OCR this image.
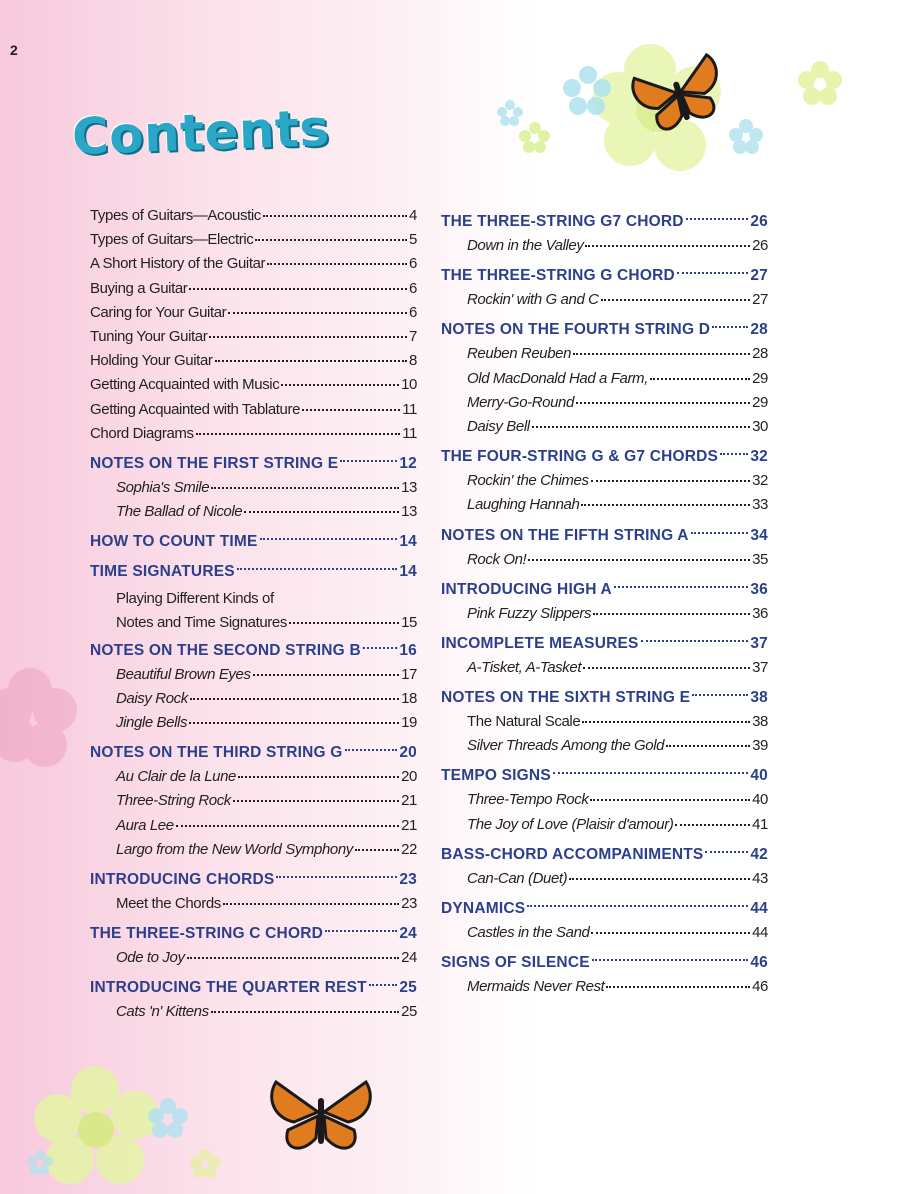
2
Contents
Types of Guitars—Acoustic	4
Types of Guitars—Electric	5
A Short History of the Guitar	6
Buying a Guitar	6
Caring for Your Guitar	6
Tuning Your Guitar	7
Holding Your Guitar	8
Getting Acquainted with Music	10
Getting Acquainted with Tablature	11
Chord Diagrams	11
NOTES ON THE FIRST STRING E	12
Sophia's Smile	13
The Ballad of Nicole	13
HOW TO COUNT TIME	14
TIME SIGNATURES	14
Playing Different Kinds of
Notes and Time Signatures	15
NOTES ON THE SECOND STRING B 16
Beautiful Brown Eyes	17
Daisy Rock	18
Jingle Bells	19
NOTES ON THE THIRD STRING G	20
Au Clair de la Lune	20
Three-String Rock	21
Aura Lee	21
Largo from the New World Symphony	22
INTRODUCING CHORDS	23
Meet the Chords	23
THE THREE-STRING C CHORD	24
Ode to Joy	24
INTRODUCING THE QUARTER REST 25
Cats 'n' Kittens	25
THE THREE-STRING G7 CHORD	26
Down in the Valley	26
THE THREE-STRING G CHORD	27
Rockin' with G and C	27
NOTES ON THE FOURTH STRING D	28
Reuben Reuben	28
Old MacDonald Had a Farm,	29
Merry-Go-Round	29
Daisy Bell	30
THE FOUR-STRING G & G7 CHORDS 32
Rockin' the Chimes	32
Laughing Hannah	33
NOTES ON THE FIFTH STRING A	34
Rock On!	35
INTRODUCING HIGH A	36
Pink Fuzzy Slippers	36
INCOMPLETE MEASURES	37
A-Tisket, A-Tasket	37
NOTES ON THE SIXTH STRING E	38
The Natural Scale	38
Silver Threads Among the Gold	39
TEMPO SIGNS	40
Three-Tempo Rock	40
The Joy of Love (Plaisir d'amour)	41
BASS-CHORD ACCOMPANIMENTS	42
Can-Can (Duet)	43
DYNAMICS	44
Castles in the Sand	44
SIGNS OF SILENCE	46
Mermaids Never Rest	46
